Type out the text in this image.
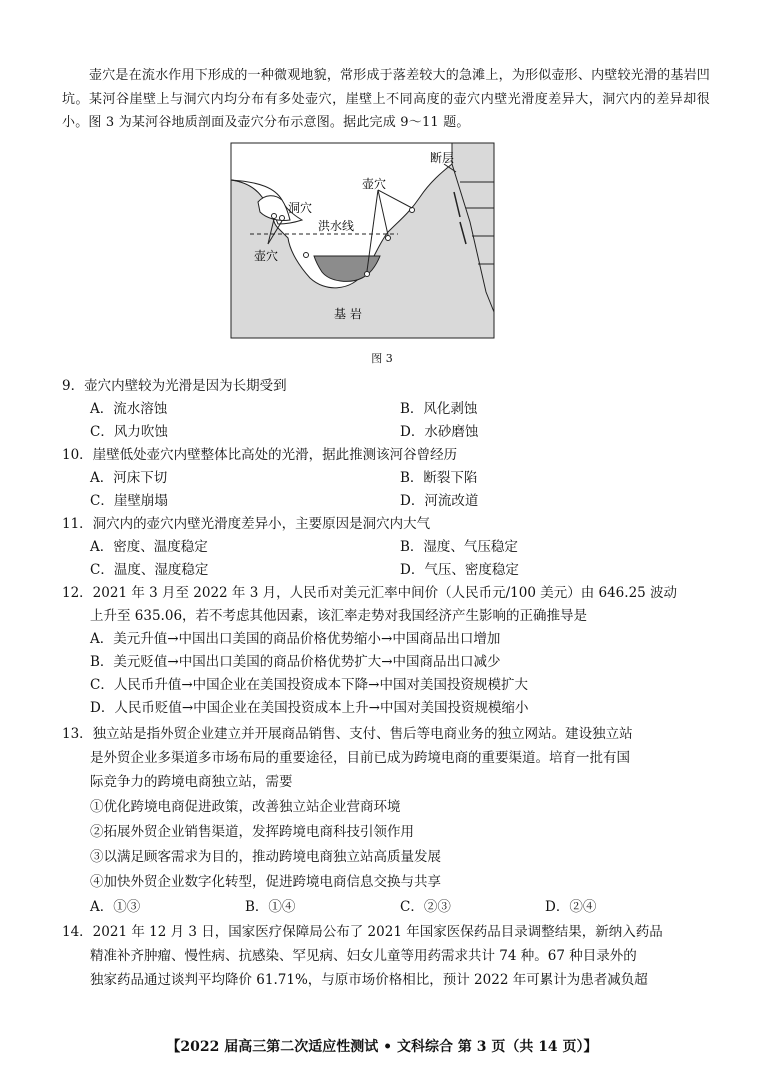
壶穴是在流水作用下形成的一种微观地貌，常形成于落差较大的急滩上，为形似壶形、内壁较光滑的基岩凹坑。某河谷崖壁上与洞穴内均分布有多处壶穴，崖壁上不同高度的壶穴内壁光滑度差异大，洞穴内的差异却很小。图 3 为某河谷地质剖面及壶穴分布示意图。据此完成 9～11 题。
断层
壶穴
洞穴
洪水线
壶穴
基 岩
图 3
9．壶穴内壁较为光滑是因为长期受到
A．流水溶蚀	B．风化剥蚀
C．风力吹蚀	D．水砂磨蚀
10．崖壁低处壶穴内壁整体比高处的光滑，据此推测该河谷曾经历
A．河床下切	B．断裂下陷
C．崖壁崩塌	D．河流改道
11．洞穴内的壶穴内壁光滑度差异小，主要原因是洞穴内大气
A．密度、温度稳定	B．湿度、气压稳定
C．温度、湿度稳定	D．气压、密度稳定
12．2021 年 3 月至 2022 年 3 月，人民币对美元汇率中间价（人民币元/100 美元）由 646.25 波动
上升至 635.06，若不考虑其他因素，该汇率走势对我国经济产生影响的正确推导是
A．美元升值→中国出口美国的商品价格优势缩小→中国商品出口增加
B．美元贬值→中国出口美国的商品价格优势扩大→中国商品出口减少
C．人民币升值→中国企业在美国投资成本下降→中国对美国投资规模扩大
D．人民币贬值→中国企业在美国投资成本上升→中国对美国投资规模缩小
13．独立站是指外贸企业建立并开展商品销售、支付、售后等电商业务的独立网站。建设独立站
是外贸企业多渠道多市场布局的重要途径，目前已成为跨境电商的重要渠道。培育一批有国
际竞争力的跨境电商独立站，需要
①优化跨境电商促进政策，改善独立站企业营商环境
②拓展外贸企业销售渠道，发挥跨境电商科技引领作用
③以满足顾客需求为目的，推动跨境电商独立站高质量发展
④加快外贸企业数字化转型，促进跨境电商信息交换与共享
A．①③	B．①④	C．②③	D．②④
14．2021 年 12 月 3 日，国家医疗保障局公布了 2021 年国家医保药品目录调整结果，新纳入药品
精准补齐肿瘤、慢性病、抗感染、罕见病、妇女儿童等用药需求共计 74 种。67 种目录外的
独家药品通过谈判平均降价 61.71%，与原市场价格相比，预计 2022 年可累计为患者减负超
【2022 届高三第二次适应性测试 • 文科综合 第 3 页（共 14 页）】
